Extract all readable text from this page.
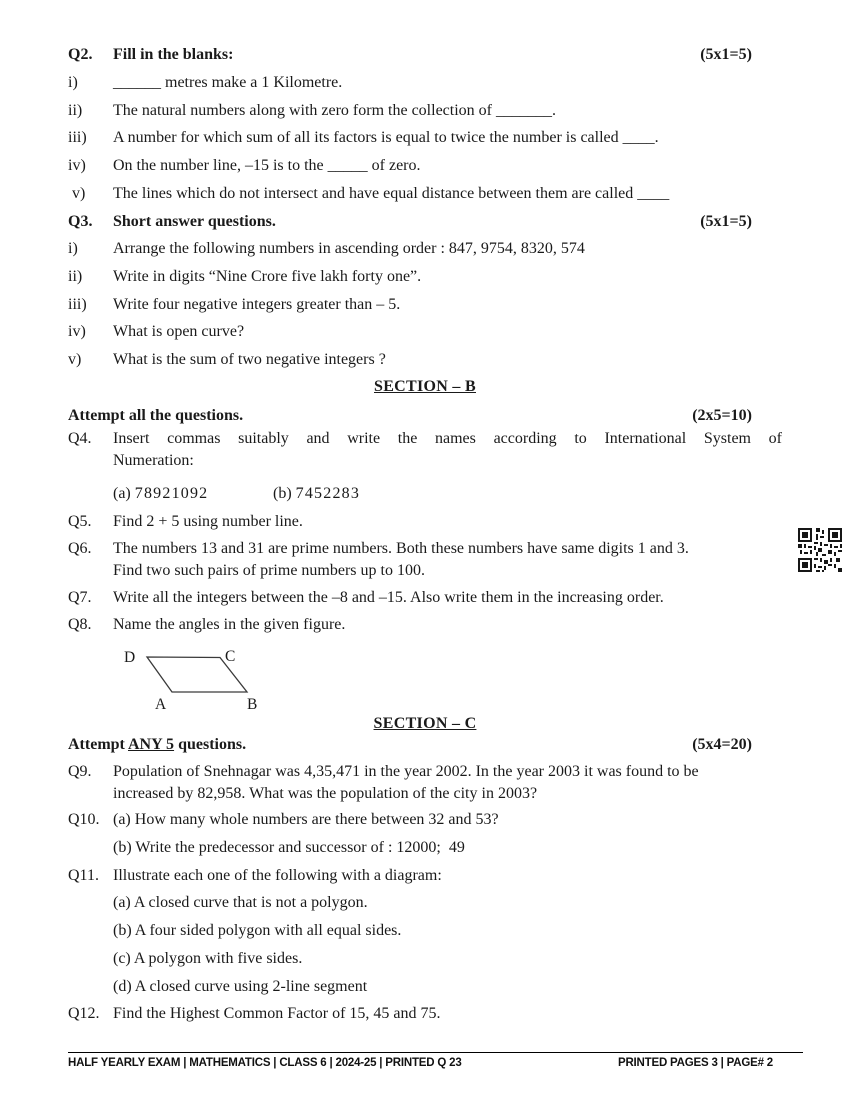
Q2. Fill in the blanks:	(5x1=5)
i) ______ metres make a 1 Kilometre.
ii) The natural numbers along with zero form the collection of _______.
iii) A number for which sum of all its factors is equal to twice the number is called ____.
iv) On the number line, –15 is to the _____ of zero.
v) The lines which do not intersect and have equal distance between them are called ____
Q3. Short answer questions.	(5x1=5)
i) Arrange the following numbers in ascending order : 847, 9754, 8320, 574
ii) Write in digits “Nine Crore five lakh forty one”.
iii) Write four negative integers greater than – 5.
iv) What is open curve?
v) What is the sum of two negative integers ?
SECTION – B
Attempt all the questions.	(2x5=10)
Q4. Insert commas suitably and write the names according to International System of
Numeration:
(a) 78921092	(b) 7452283
Q5. Find 2 + 5 using number line.
Q6. The numbers 13 and 31 are prime numbers. Both these numbers have same digits 1 and 3.
Find two such pairs of prime numbers up to 100.
Q7. Write all the integers between the –8 and –15. Also write them in the increasing order.
Q8. Name the angles in the given figure.
D	C
A	B
SECTION – C
Attempt ANY 5 questions.	(5x4=20)
Q9. Population of Snehnagar was 4,35,471 in the year 2002. In the year 2003 it was found to be
increased by 82,958. What was the population of the city in 2003?
Q10. (a) How many whole numbers are there between 32 and 53?
(b) Write the predecessor and successor of : 12000;  49
Q11. Illustrate each one of the following with a diagram:
(a) A closed curve that is not a polygon.
(b) A four sided polygon with all equal sides.
(c) A polygon with five sides.
(d) A closed curve using 2-line segment
Q12. Find the Highest Common Factor of 15, 45 and 75.
HALF YEARLY EXAM | MATHEMATICS | CLASS 6 | 2024-25 | PRINTED Q 23	PRINTED PAGES 3 | PAGE# 2
